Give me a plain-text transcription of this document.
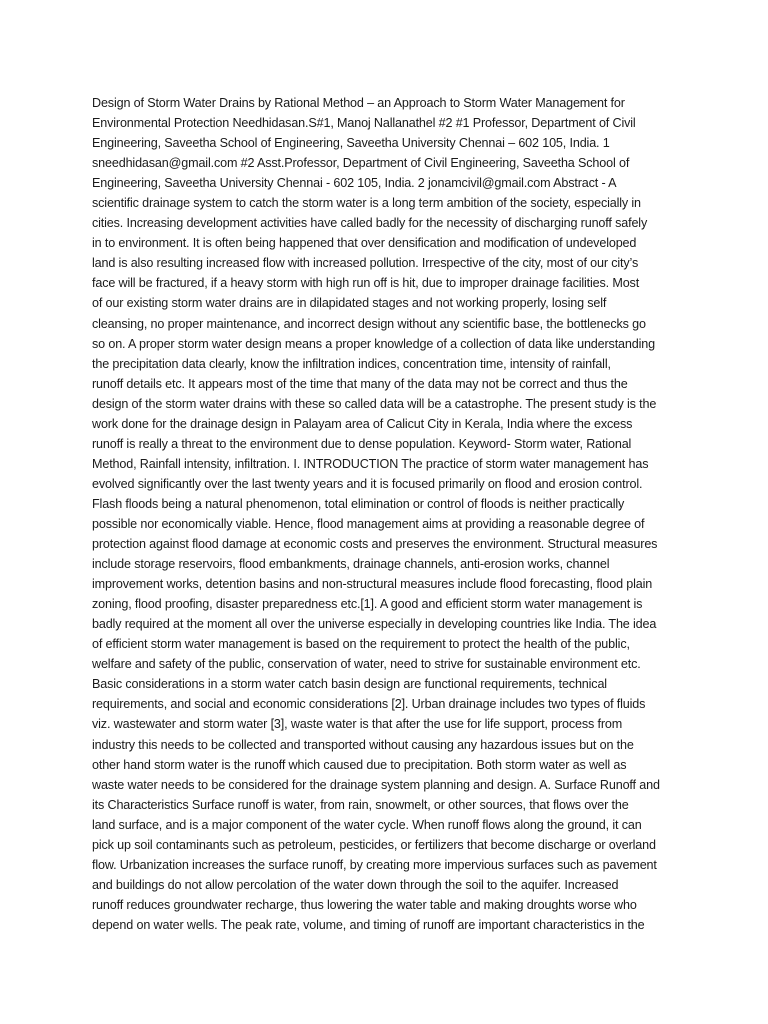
Design of Storm Water Drains by Rational Method – an Approach to Storm Water Management for
Environmental Protection Needhidasan.S#1, Manoj Nallanathel #2 #1 Professor, Department of Civil
Engineering, Saveetha School of Engineering, Saveetha University Chennai – 602 105, India. 1
sneedhidasan@gmail.com #2 Asst.Professor, Department of Civil Engineering, Saveetha School of
Engineering, Saveetha University Chennai - 602 105, India. 2 jonamcivil@gmail.com Abstract - A
scientific drainage system to catch the storm water is a long term ambition of the society, especially in
cities. Increasing development activities have called badly for the necessity of discharging runoff safely
in to environment. It is often being happened that over densification and modification of undeveloped
land is also resulting increased flow with increased pollution. Irrespective of the city, most of our city’s
face will be fractured, if a heavy storm with high run off is hit, due to improper drainage facilities. Most
of our existing storm water drains are in dilapidated stages and not working properly, losing self
cleansing, no proper maintenance, and incorrect design without any scientific base, the bottlenecks go
so on. A proper storm water design means a proper knowledge of a collection of data like understanding
the precipitation data clearly, know the infiltration indices, concentration time, intensity of rainfall,
runoff details etc. It appears most of the time that many of the data may not be correct and thus the
design of the storm water drains with these so called data will be a catastrophe. The present study is the
work done for the drainage design in Palayam area of Calicut City in Kerala, India where the excess
runoff is really a threat to the environment due to dense population. Keyword- Storm water, Rational
Method, Rainfall intensity, infiltration. I. INTRODUCTION The practice of storm water management has
evolved significantly over the last twenty years and it is focused primarily on flood and erosion control.
Flash floods being a natural phenomenon, total elimination or control of floods is neither practically
possible nor economically viable. Hence, flood management aims at providing a reasonable degree of
protection against flood damage at economic costs and preserves the environment. Structural measures
include storage reservoirs, flood embankments, drainage channels, anti-erosion works, channel
improvement works, detention basins and non-structural measures include flood forecasting, flood plain
zoning, flood proofing, disaster preparedness etc.[1]. A good and efficient storm water management is
badly required at the moment all over the universe especially in developing countries like India. The idea
of efficient storm water management is based on the requirement to protect the health of the public,
welfare and safety of the public, conservation of water, need to strive for sustainable environment etc.
Basic considerations in a storm water catch basin design are functional requirements, technical
requirements, and social and economic considerations [2]. Urban drainage includes two types of fluids
viz. wastewater and storm water [3], waste water is that after the use for life support, process from
industry this needs to be collected and transported without causing any hazardous issues but on the
other hand storm water is the runoff which caused due to precipitation. Both storm water as well as
waste water needs to be considered for the drainage system planning and design. A. Surface Runoff and
its Characteristics Surface runoff is water, from rain, snowmelt, or other sources, that flows over the
land surface, and is a major component of the water cycle. When runoff flows along the ground, it can
pick up soil contaminants such as petroleum, pesticides, or fertilizers that become discharge or overland
flow. Urbanization increases the surface runoff, by creating more impervious surfaces such as pavement
and buildings do not allow percolation of the water down through the soil to the aquifer. Increased
runoff reduces groundwater recharge, thus lowering the water table and making droughts worse who
depend on water wells. The peak rate, volume, and timing of runoff are important characteristics in the
